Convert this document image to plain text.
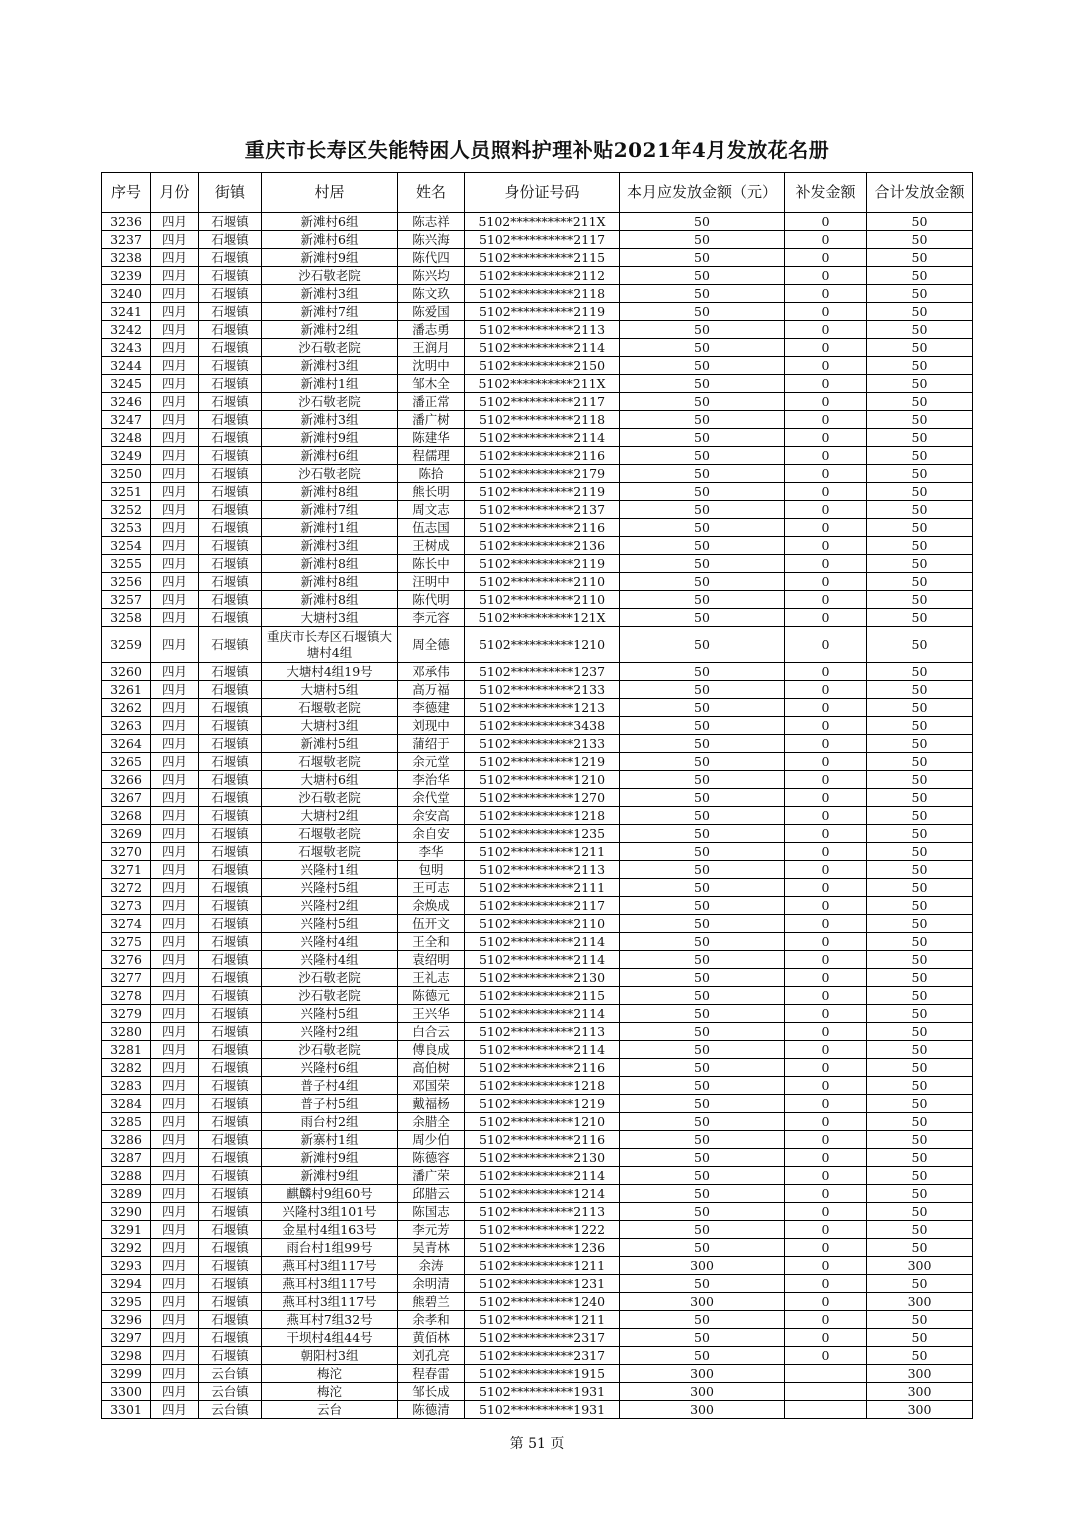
重庆市长寿区失能特困人员照料护理补贴2021年4月发放花名册
序号	月份	街镇	村居	姓名	身份证号码	本月应发放金额（元）	补发金额	合计发放金额
3236	四月	石堰镇	新滩村6组	陈志祥	5102**********211X	50	0	50
3237	四月	石堰镇	新滩村6组	陈兴海	5102**********2117	50	0	50
3238	四月	石堰镇	新滩村9组	陈代四	5102**********2115	50	0	50
3239	四月	石堰镇	沙石敬老院	陈兴均	5102**********2112	50	0	50
3240	四月	石堰镇	新滩村3组	陈文玖	5102**********2118	50	0	50
3241	四月	石堰镇	新滩村7组	陈爱国	5102**********2119	50	0	50
3242	四月	石堰镇	新滩村2组	潘志勇	5102**********2113	50	0	50
3243	四月	石堰镇	沙石敬老院	王润月	5102**********2114	50	0	50
3244	四月	石堰镇	新滩村3组	沈明中	5102**********2150	50	0	50
3245	四月	石堰镇	新滩村1组	邹木全	5102**********211X	50	0	50
3246	四月	石堰镇	沙石敬老院	潘正常	5102**********2117	50	0	50
3247	四月	石堰镇	新滩村3组	潘广树	5102**********2118	50	0	50
3248	四月	石堰镇	新滩村9组	陈建华	5102**********2114	50	0	50
3249	四月	石堰镇	新滩村6组	程儒理	5102**********2116	50	0	50
3250	四月	石堰镇	沙石敬老院	陈拾	5102**********2179	50	0	50
3251	四月	石堰镇	新滩村8组	熊长明	5102**********2119	50	0	50
3252	四月	石堰镇	新滩村7组	周文志	5102**********2137	50	0	50
3253	四月	石堰镇	新滩村1组	伍志国	5102**********2116	50	0	50
3254	四月	石堰镇	新滩村3组	王树成	5102**********2136	50	0	50
3255	四月	石堰镇	新滩村8组	陈长中	5102**********2119	50	0	50
3256	四月	石堰镇	新滩村8组	汪明中	5102**********2110	50	0	50
3257	四月	石堰镇	新滩村8组	陈代明	5102**********2110	50	0	50
3258	四月	石堰镇	大塘村3组	李元容	5102**********121X	50	0	50
3259	四月	石堰镇	重庆市长寿区石堰镇大塘村4组	周全德	5102**********1210	50	0	50
3260	四月	石堰镇	大塘村4组19号	邓承伟	5102**********1237	50	0	50
3261	四月	石堰镇	大塘村5组	高万福	5102**********2133	50	0	50
3262	四月	石堰镇	石堰敬老院	李德建	5102**********1213	50	0	50
3263	四月	石堰镇	大塘村3组	刘现中	5102**********3438	50	0	50
3264	四月	石堰镇	新滩村5组	蒲绍于	5102**********2133	50	0	50
3265	四月	石堰镇	石堰敬老院	余元堂	5102**********1219	50	0	50
3266	四月	石堰镇	大塘村6组	李治华	5102**********1210	50	0	50
3267	四月	石堰镇	沙石敬老院	余代堂	5102**********1270	50	0	50
3268	四月	石堰镇	大塘村2组	余安高	5102**********1218	50	0	50
3269	四月	石堰镇	石堰敬老院	余自安	5102**********1235	50	0	50
3270	四月	石堰镇	石堰敬老院	李华	5102**********1211	50	0	50
3271	四月	石堰镇	兴隆村1组	包明	5102**********2113	50	0	50
3272	四月	石堰镇	兴隆村5组	王可志	5102**********2111	50	0	50
3273	四月	石堰镇	兴隆村2组	余焕成	5102**********2117	50	0	50
3274	四月	石堰镇	兴隆村5组	伍开文	5102**********2110	50	0	50
3275	四月	石堰镇	兴隆村4组	王全和	5102**********2114	50	0	50
3276	四月	石堰镇	兴隆村4组	袁绍明	5102**********2114	50	0	50
3277	四月	石堰镇	沙石敬老院	王礼志	5102**********2130	50	0	50
3278	四月	石堰镇	沙石敬老院	陈德元	5102**********2115	50	0	50
3279	四月	石堰镇	兴隆村5组	王兴华	5102**********2114	50	0	50
3280	四月	石堰镇	兴隆村2组	白合云	5102**********2113	50	0	50
3281	四月	石堰镇	沙石敬老院	傅良成	5102**********2114	50	0	50
3282	四月	石堰镇	兴隆村6组	高伯树	5102**********2116	50	0	50
3283	四月	石堰镇	普子村4组	邓国荣	5102**********1218	50	0	50
3284	四月	石堰镇	普子村5组	戴福杨	5102**********1219	50	0	50
3285	四月	石堰镇	雨台村2组	余腊全	5102**********1210	50	0	50
3286	四月	石堰镇	新寨村1组	周少伯	5102**********2116	50	0	50
3287	四月	石堰镇	新滩村9组	陈德容	5102**********2130	50	0	50
3288	四月	石堰镇	新滩村9组	潘广荣	5102**********2114	50	0	50
3289	四月	石堰镇	麒麟村9组60号	邱腊云	5102**********1214	50	0	50
3290	四月	石堰镇	兴隆村3组101号	陈国志	5102**********2113	50	0	50
3291	四月	石堰镇	金星村4组163号	李元芳	5102**********1222	50	0	50
3292	四月	石堰镇	雨台村1组99号	吴青林	5102**********1236	50	0	50
3293	四月	石堰镇	燕耳村3组117号	余涛	5102**********1211	300	0	300
3294	四月	石堰镇	燕耳村3组117号	余明清	5102**********1231	50	0	50
3295	四月	石堰镇	燕耳村3组117号	熊碧兰	5102**********1240	300	0	300
3296	四月	石堰镇	燕耳村7组32号	余孝和	5102**********1211	50	0	50
3297	四月	石堰镇	干坝村4组44号	黄佰林	5102**********2317	50	0	50
3298	四月	石堰镇	朝阳村3组	刘孔亮	5102**********2317	50	0	50
3299	四月	云台镇	梅沱	程春雷	5102**********1915	300		300
3300	四月	云台镇	梅沱	邹长成	5102**********1931	300		300
3301	四月	云台镇	云台	陈德清	5102**********1931	300		300
第 51 页
